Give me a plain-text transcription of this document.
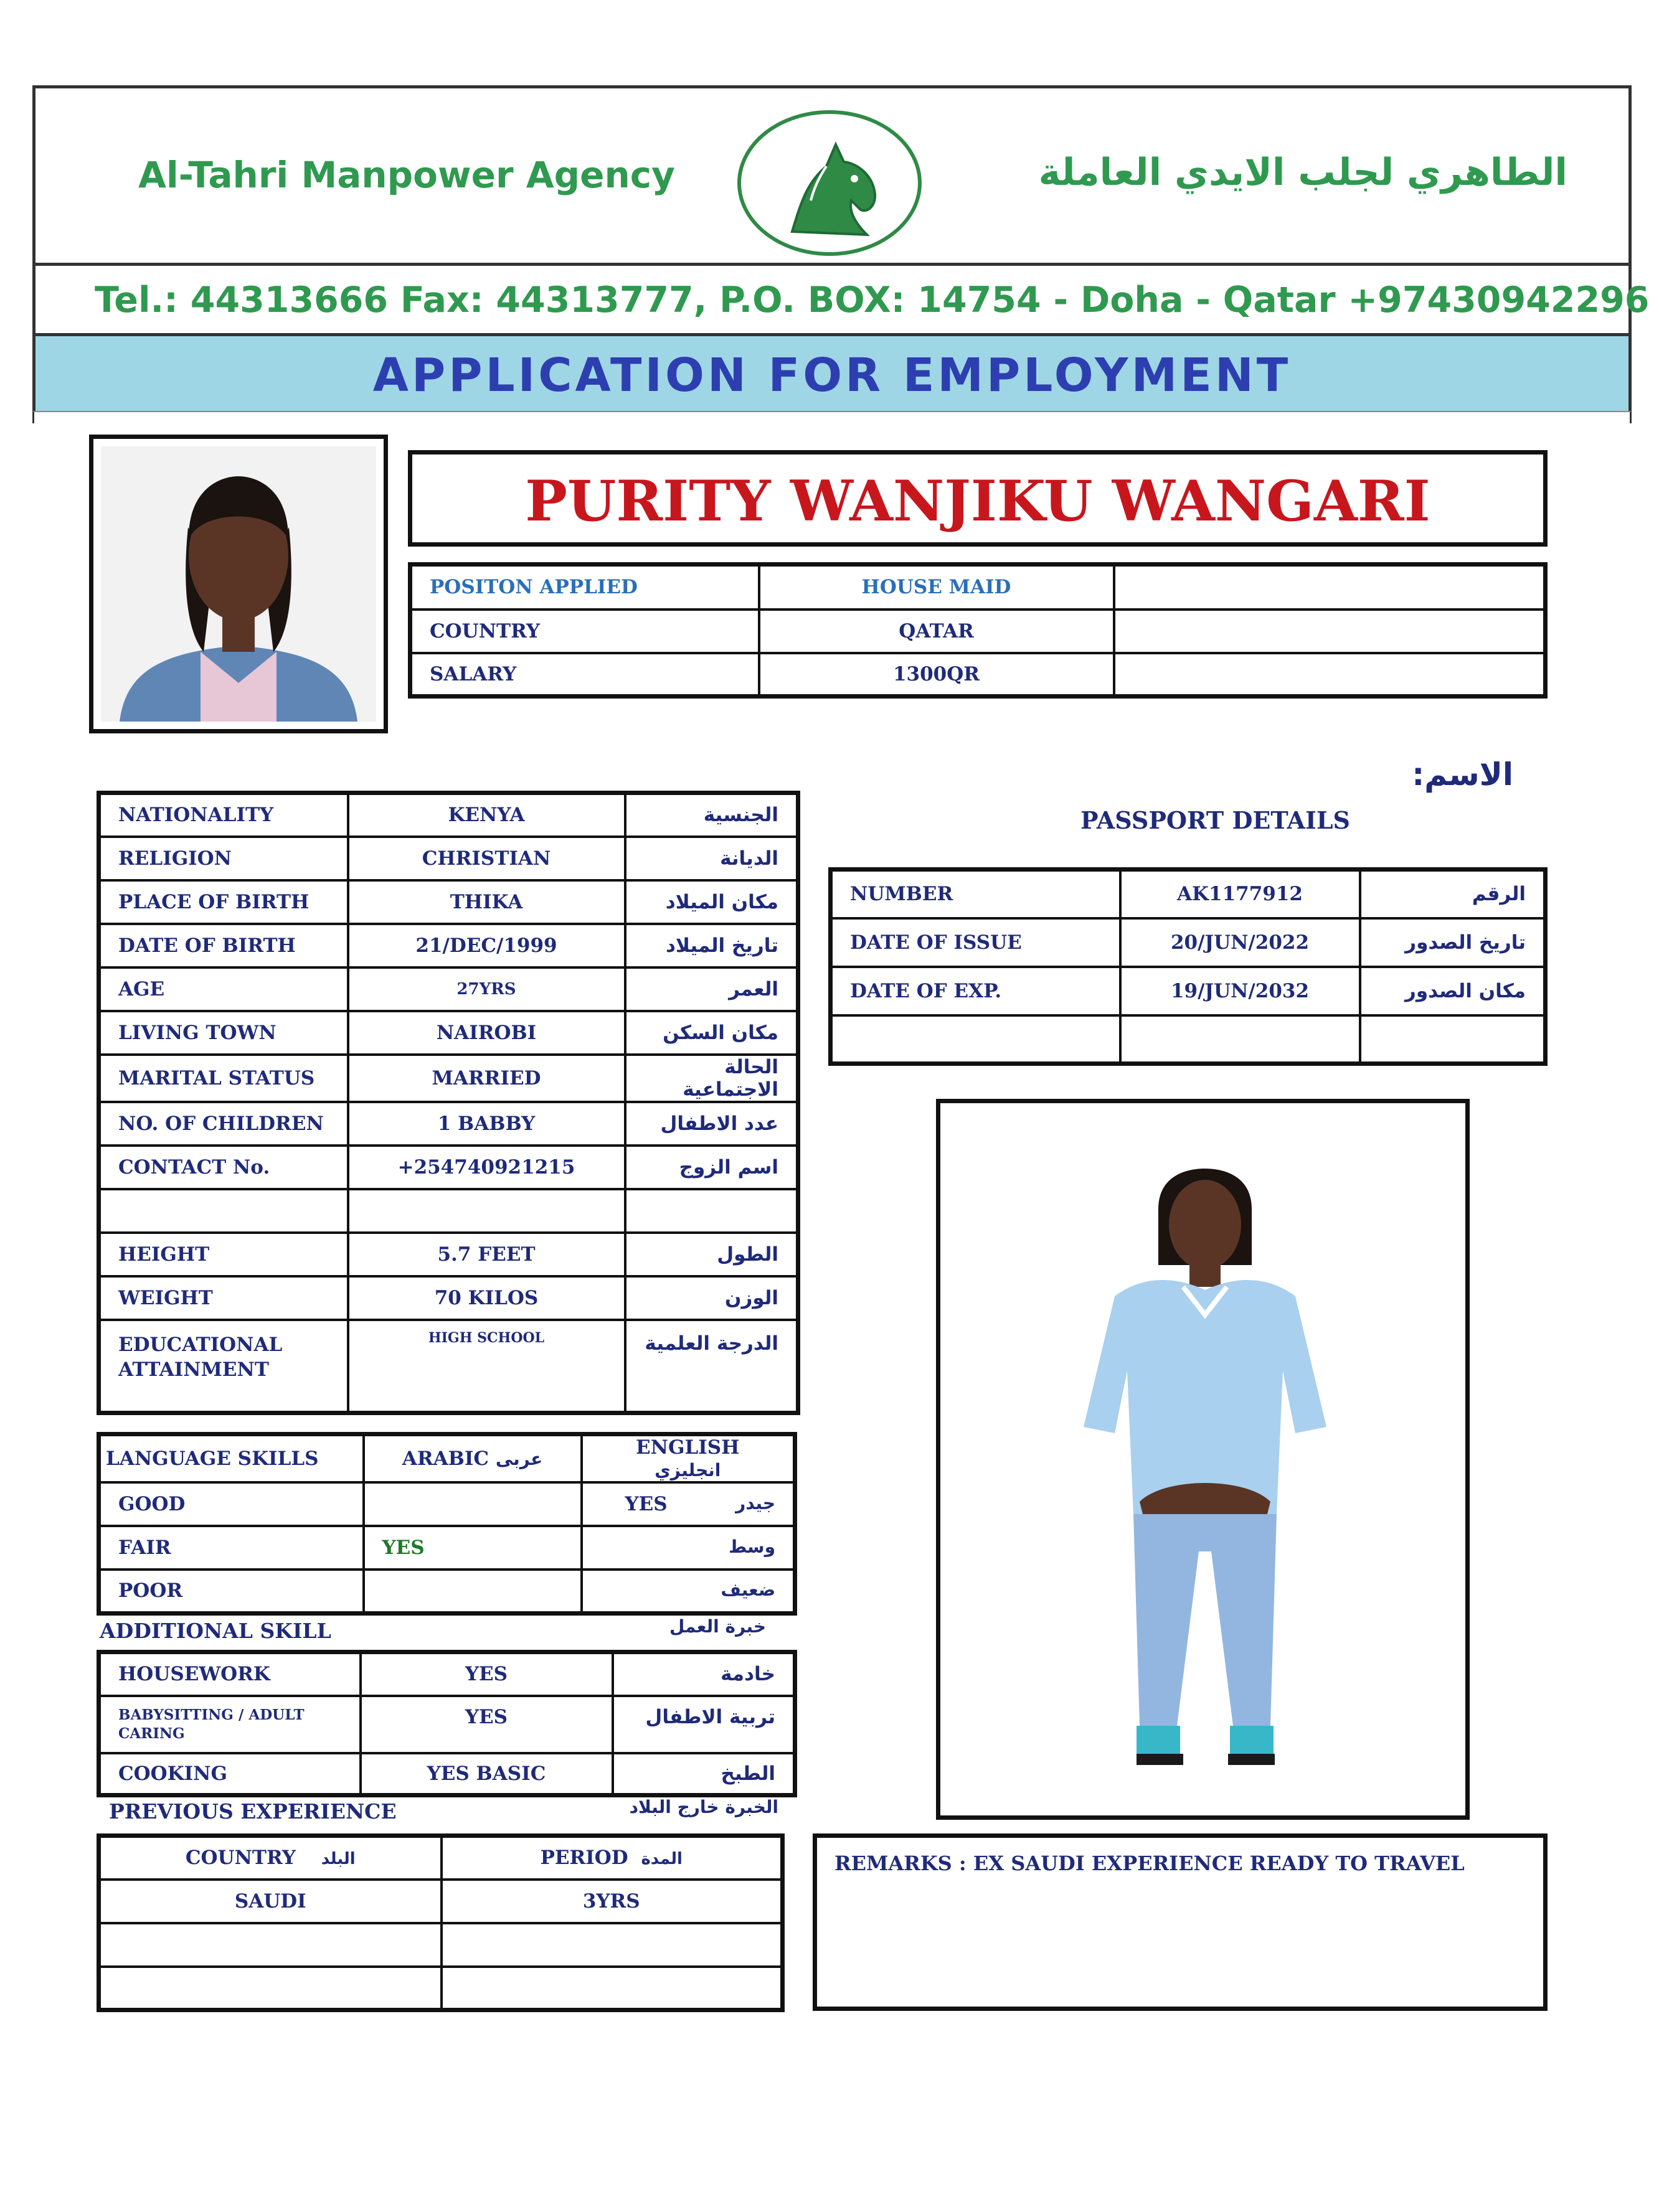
Al-Tahri Manpower Agency	الطاهري لجلب الايدي العاملة
Tel.: 44313666 Fax: 44313777, P.O. BOX: 14754 - Doha - Qatar +97430942296
APPLICATION FOR EMPLOYMENT
PURITY WANJIKU WANGARI
POSITON APPLIED	HOUSE MAID	
COUNTRY	QATAR	
SALARY	1300QR	
الاسم:
NATIONALITY	KENYA	الجنسية
RELIGION	CHRISTIAN	الديانة
PLACE OF BIRTH	THIKA	مكان الميلاد
DATE OF BIRTH	21/DEC/1999	تاريخ الميلاد
AGE	27YRS	العمر
LIVING TOWN	NAIROBI	مكان السكن
MARITAL STATUS	MARRIED	الحالة الاجتماعية
NO. OF CHILDREN	1 BABBY	عدد الاطفال
CONTACT No.	+254740921215	اسم الزوج

HEIGHT	5.7 FEET	الطول
WEIGHT	70 KILOS	الوزن

EDUCATIONAL
ATTAINMENT	HIGH SCHOOL	الدرجة العلمية
PASSPORT DETAILS
NUMBER	AK1177912	الرقم
DATE OF ISSUE	20/JUN/2022	تاريخ الصدور
DATE OF EXP.	19/JUN/2032	مكان الصدور

LANGUAGE SKILLS	ARABIC عربى	ENGLISH انجليزي
GOOD		YES جيدر

FAIR	YES	وسط

POOR		ضعيف
ADDITIONAL SKILL	خبرة العمل
HOUSEWORK	YES	خادمة

BABYSITTING / ADULT
CARING	YES	تربية الاطفال
COOKING	YES BASIC	الطبخ
PREVIOUS EXPERIENCE	الخبرة خارج البلاد
COUNTRY البلد	PERIOD المدة
SAUDI	3YRS

REMARKS : EX SAUDI EXPERIENCE READY TO TRAVEL
